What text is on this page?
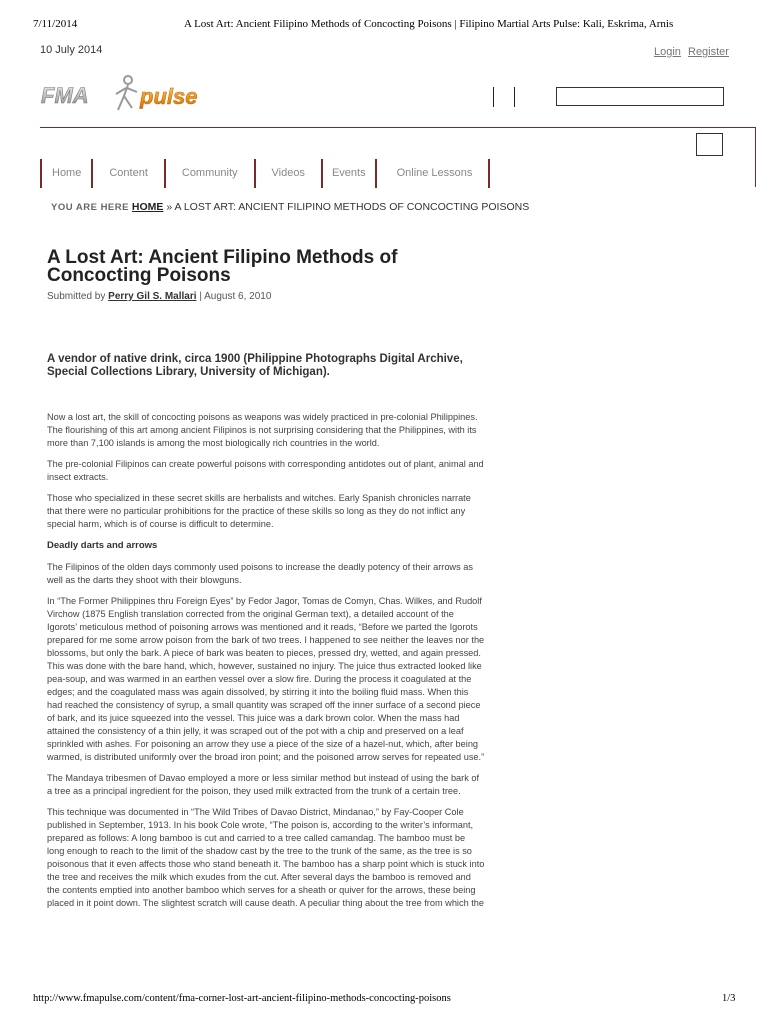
7/11/2014	A Lost Art: Ancient Filipino Methods of Concocting Poisons | Filipino Martial Arts Pulse: Kali, Eskrima, Arnis
10 July 2014	Login Register
FMA pulse
Home	Content	Community	Videos	Events	Online Lessons
YOU ARE HERE HOME » A LOST ART: ANCIENT FILIPINO METHODS OF CONCOCTING POISONS
A Lost Art: Ancient Filipino Methods of Concocting Poisons
Submitted by Perry Gil S. Mallari | August 6, 2010

A vendor of native drink, circa 1900 (Philippine Photographs Digital Archive, Special Collections Library, University of Michigan).

Now a lost art, the skill of concocting poisons as weapons was widely practiced in pre-colonial Philippines. The flourishing of this art among ancient Filipinos is not surprising considering that the Philippines, with its more than 7,100 islands is among the most biologically rich countries in the world.

The pre-colonial Filipinos can create powerful poisons with corresponding antidotes out of plant, animal and insect extracts.

Those who specialized in these secret skills are herbalists and witches. Early Spanish chronicles narrate that there were no particular prohibitions for the practice of these skills so long as they do not inflict any special harm, which is of course is difficult to determine.

Deadly darts and arrows

The Filipinos of the olden days commonly used poisons to increase the deadly potency of their arrows as well as the darts they shoot with their blowguns.

In “The Former Philippines thru Foreign Eyes” by Fedor Jagor, Tomas de Comyn, Chas. Wilkes, and Rudolf Virchow (1875 English translation corrected from the original German text), a detailed account of the Igorots’ meticulous method of poisoning arrows was mentioned and it reads, “Before we parted the Igorots prepared for me some arrow poison from the bark of two trees. I happened to see neither the leaves nor the blossoms, but only the bark. A piece of bark was beaten to pieces, pressed dry, wetted, and again pressed. This was done with the bare hand, which, however, sustained no injury. The juice thus extracted looked like pea-soup, and was warmed in an earthen vessel over a slow fire. During the process it coagulated at the edges; and the coagulated mass was again dissolved, by stirring it into the boiling fluid mass. When this had reached the consistency of syrup, a small quantity was scraped off the inner surface of a second piece of bark, and its juice squeezed into the vessel. This juice was a dark brown color. When the mass had attained the consistency of a thin jelly, it was scraped out of the pot with a chip and preserved on a leaf sprinkled with ashes. For poisoning an arrow they use a piece of the size of a hazel-nut, which, after being warmed, is distributed uniformly over the broad iron point; and the poisoned arrow serves for repeated use.”

The Mandaya tribesmen of Davao employed a more or less similar method but instead of using the bark of a tree as a principal ingredient for the poison, they used milk extracted from the trunk of a certain tree.

This technique was documented in “The Wild Tribes of Davao District, Mindanao,” by Fay-Cooper Cole published in September, 1913. In his book Cole wrote, “The poison is, according to the writer’s informant, prepared as follows: A long bamboo is cut and carried to a tree called camandag. The bamboo must be long enough to reach to the limit of the shadow cast by the tree to the trunk of the same, as the tree is so poisonous that it even affects those who stand beneath it. The bamboo has a sharp point which is stuck into the tree and receives the milk which exudes from the cut. After several days the bamboo is removed and the contents emptied into another bamboo which serves for a sheath or quiver for the arrows, these being placed in it point down. The slightest scratch will cause death. A peculiar thing about the tree from which the

http://www.fmapulse.com/content/fma-corner-lost-art-ancient-filipino-methods-concocting-poisons	1/3
